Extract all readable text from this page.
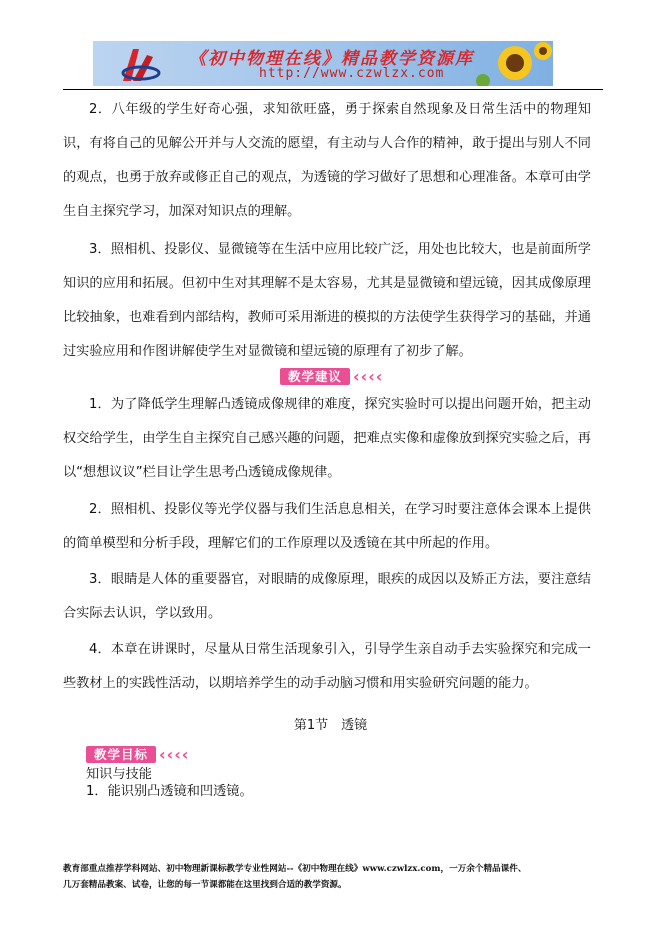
《初中物理在线》精品教学资源库
http://www.czwlzx.com

2．八年级的学生好奇心强，求知欲旺盛，勇于探索自然现象及日常生活中的物理知识，有将自己的见解公开并与人交流的愿望，有主动与人合作的精神，敢于提出与别人不同的观点，也勇于放弃或修正自己的观点，为透镜的学习做好了思想和心理准备。本章可由学生自主探究学习，加深对知识点的理解。

3．照相机、投影仪、显微镜等在生活中应用比较广泛，用处也比较大，也是前面所学知识的应用和拓展。但初中生对其理解不是太容易，尤其是显微镜和望远镜，因其成像原理比较抽象，也难看到内部结构，教师可采用渐进的模拟的方法使学生获得学习的基础，并通过实验应用和作图讲解使学生对显微镜和望远镜的原理有了初步了解。

教学建议 ‹ ‹ ‹ ‹

1．为了降低学生理解凸透镜成像规律的难度，探究实验时可以提出问题开始，把主动权交给学生，由学生自主探究自己感兴趣的问题，把难点实像和虚像放到探究实验之后，再以“想想议议”栏目让学生思考凸透镜成像规律。

2．照相机、投影仪等光学仪器与我们生活息息相关，在学习时要注意体会课本上提供的简单模型和分析手段，理解它们的工作原理以及透镜在其中所起的作用。

3．眼睛是人体的重要器官，对眼睛的成像原理，眼疾的成因以及矫正方法，要注意结合实际去认识，学以致用。

4．本章在讲课时，尽量从日常生活现象引入，引导学生亲自动手去实验探究和完成一些教材上的实践性活动，以期培养学生的动手动脑习惯和用实验研究问题的能力。

第1节　透镜
教学目标 ‹ ‹ ‹ ‹

知识与技能

1．能识别凸透镜和凹透镜。

教育部重点推荐学科网站、初中物理新课标教学专业性网站--《初中物理在线》www.czwlzx.com，一万余个精品课件、
几万套精品教案、试卷，让您的每一节课都能在这里找到合适的教学资源。
